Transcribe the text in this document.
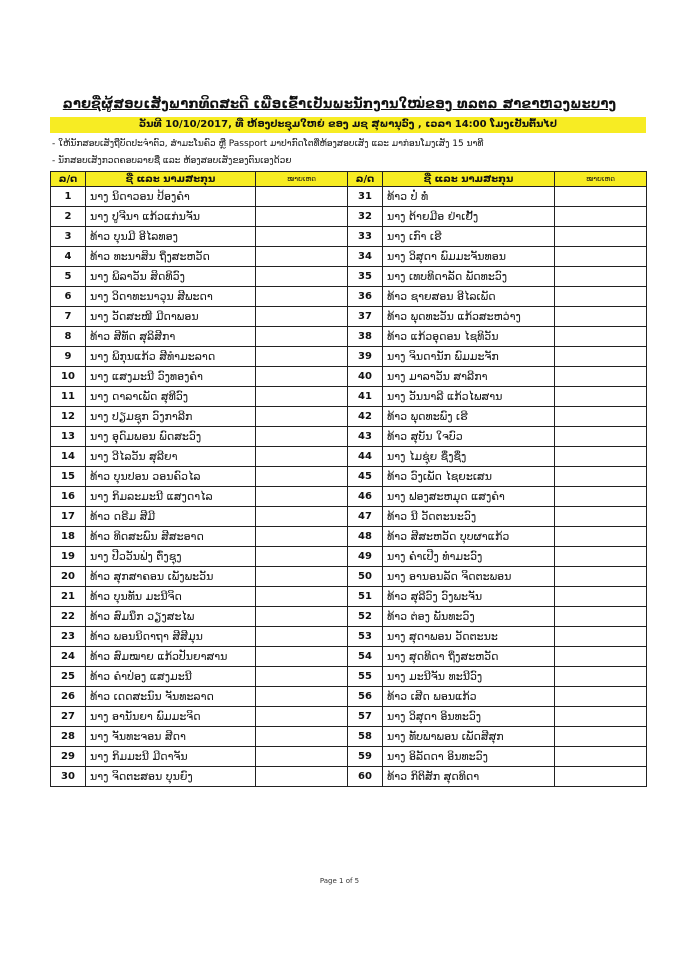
ລາຍຊື່ຜູ້ສອບເສັງພາກທິດສະດີ ເພື່ອເຂົ້າເປັນພະນັກງານໃໝ່ຂອງ ທລຕລ ສາຂາຫວງພະບາງ
ວັນທີ 10/10/2017, ທີ່ ຫ້ອງປະຊຸມໃຫຍ່ ຂອງ ມຊ ສຸພານຸວົງ , ເວລາ 14:00 ໂມງເປັນຕົ້ນໄປ
- ໃຫ້ນັກສອບເສັງຖືບັດປະຈຳຕົວ, ສຳມະໂນຄົວ ຫຼື Passport ມາປາກົດໂຕທີ່ຫ້ອງສອບເສັງ ແລະ ມາກ່ອນໂມງເສັງ 15 ນາທີ
- ນັກສອບເສັງກວດຄອບລາຍຊື່ ແລະ ຫ້ອງສອບເສັງຂອງຕົນເອງດ້ວຍ
ລ/ດ	ຊື່ ແລະ ນາມສະກຸນ	ໝາຍເຫດ	ລ/ດ	ຊື່ ແລະ ນາມສະກຸນ	ໝາຍເຫດ
1	ນາງ ນິດາວອນ ປ້ອງຄຳ		31	ທ້າວ ປໍ່ ທໍ່	
2	ນາງ ປູຈີນາ ແກ້ວແກ່ນຈັນ		32	ນາງ ຕ້າຍມີອ ຢ່າເຢັ້ງ	
3	ທ້າວ ບຸນມີ ອີໄລທອງ		33	ນາງ ເກົາ ເຮີ	
4	ທ້າວ ທະນາສິນ ຖິ່ງສະຫວັດ		34	ນາງ ວິສຸດາ ພົມມະຈັນທອນ	
5	ນາງ ພິລາວັນ ສິດທິວົງ		35	ນາງ ເທບທິດາລັດ ພັດທະວົງ	
6	ນາງ ວິດາທະນາວຸນ ສີພະດາ		36	ທ້າວ ຊາຍສອນ ອີໄລເພັດ	
7	ນາງ ວັດສະໜີ ມີດາພອນ		37	ທ້າວ ພຸດທະວັນ ແກ້ວສະຫວ່າງ	
8	ທ້າວ ສີທັດ ສຸລິສີກາ		38	ທ້າວ ແກ້ວອຸດອນ ໄຊທິວັນ	
9	ນາງ ພິກຸນແກ້ວ ສີທຳມະລາດ		39	ນາງ ຈິນດານັກ ພົມມະຈັກ	
10	ນາງ ແສງມະນີ ວົງທອງຄຳ		40	ນາງ ມາລາວັນ ສາລີກາ	
11	ນາງ ດາລາເພັດ ສຸທີວົງ		41	ນາງ ວັນນາລີ ແກ້ວໄພສານ	
12	ນາງ ປຽມຊຸກ ວົງກາລີກ		42	ທ້າວ ພຸດທະພົງ ເຮີ	
13	ນາງ ອຸດົມພອນ ພົດສະວົງ		43	ທ້າວ ສຸບັນ ໃຈບົວ	
14	ນາງ ວີໄລວັນ ສຸລີຍາ		44	ນາງ ໄມຊຸ່ຍ ຊຶ່ງຊຶ່ງ	
15	ທ້າວ ບຸນປອນ ວອນຄົວໄລ		45	ທ້າວ ວົງເພັດ ໄຊຍະເສນ	
16	ນາງ ກິມລະມະນີ ແສງດາໄລ		46	ນາງ ຟອງສະຫມຸດ ແສງຄຳ	
17	ທ້າວ ດຣີມ ສີມີ		47	ທ້າວ ນີ ວັດຕະນະວົງ	
18	ທ້າວ ທິດສະພົນ ສີສະອາດ		48	ທ້າວ ສີສະຫວັດ ບຸບຜາແກ້ວ	
19	ນາງ ປີວວັນຟ່ງ ຕົ່ງຊຸງ		49	ນາງ ຄຳເປີງ ທຳມະວົງ	
20	ທ້າວ ສຸກສາຄອນ ເພັງພະວັນ		50	ນາງ ອານອນລັດ ຈິດຕະພອນ	
21	ທ້າວ ບຸນທັນ ມະນີຈິດ		51	ທ້າວ ສຸລີວົງ ວົງພະຈັນ	
22	ທ້າວ ສົມນຶກ ວຽງສະໄພ		52	ທ້າວ ຕ່ອງ ພັນທະວົງ	
23	ທ້າວ ພອນນິດາຖາ ສີສີມຸນ		53	ນາງ ສຸດາພອນ ວັດຕະນະ	
24	ທ້າວ ສົມໝາຍ ແກ້ວປັນຍາສານ		54	ນາງ ສຸດທິດາ ຖິ່ງສະຫວັດ	
25	ທ້າວ ຄຳປ່ອງ ແສງມະນີ		55	ນາງ ມະນີຈັນ ທະນີວົງ	
26	ທ້າວ ເດດສະນົນ ຈັນທະລາດ		56	ທ້າວ ເສີດ ພອນແກ້ວ	
27	ນາງ ອານັນຍາ ພົມມະຈິດ		57	ນາງ ວິສຸດາ ອິນທະວົງ	
28	ນາງ ຈັນທະຈອນ ສີດາ		58	ນາງ ທັບພາພອນ ເພັດສີສຸກ	
29	ນາງ ກິມມະນີ ມີດາຈັນ		59	ນາງ ອິລັດດາ ອິນທະວົງ	
30	ນາງ ຈິດຕະສອນ ບຸນຍົງ		60	ທ້າວ ກິຕິສັກ ສຸດທິດາ	
Page 1 of 5
